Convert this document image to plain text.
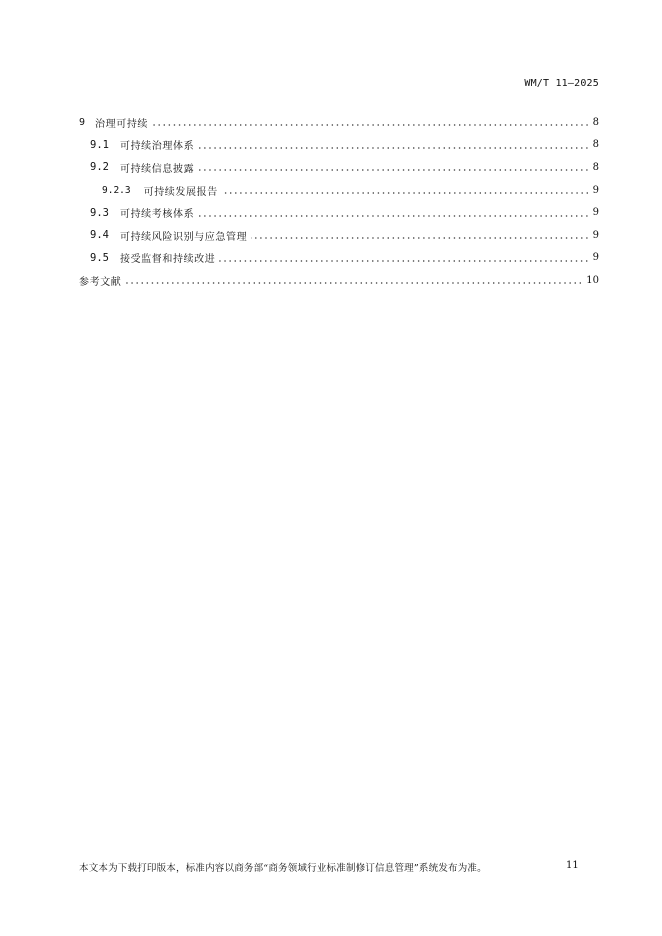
WM/T 11—2025
9 治理可持续	8
9.1 可持续治理体系	8
9.2 可持续信息披露	8
9.2.3 可持续发展报告	9
9.3 可持续考核体系	9
9.4 可持续风险识别与应急管理	9
9.5 接受监督和持续改进	9
参考文献	10
本文本为下载打印版本，标准内容以商务部“商务领域行业标准制修订信息管理”系统发布为准。	11
